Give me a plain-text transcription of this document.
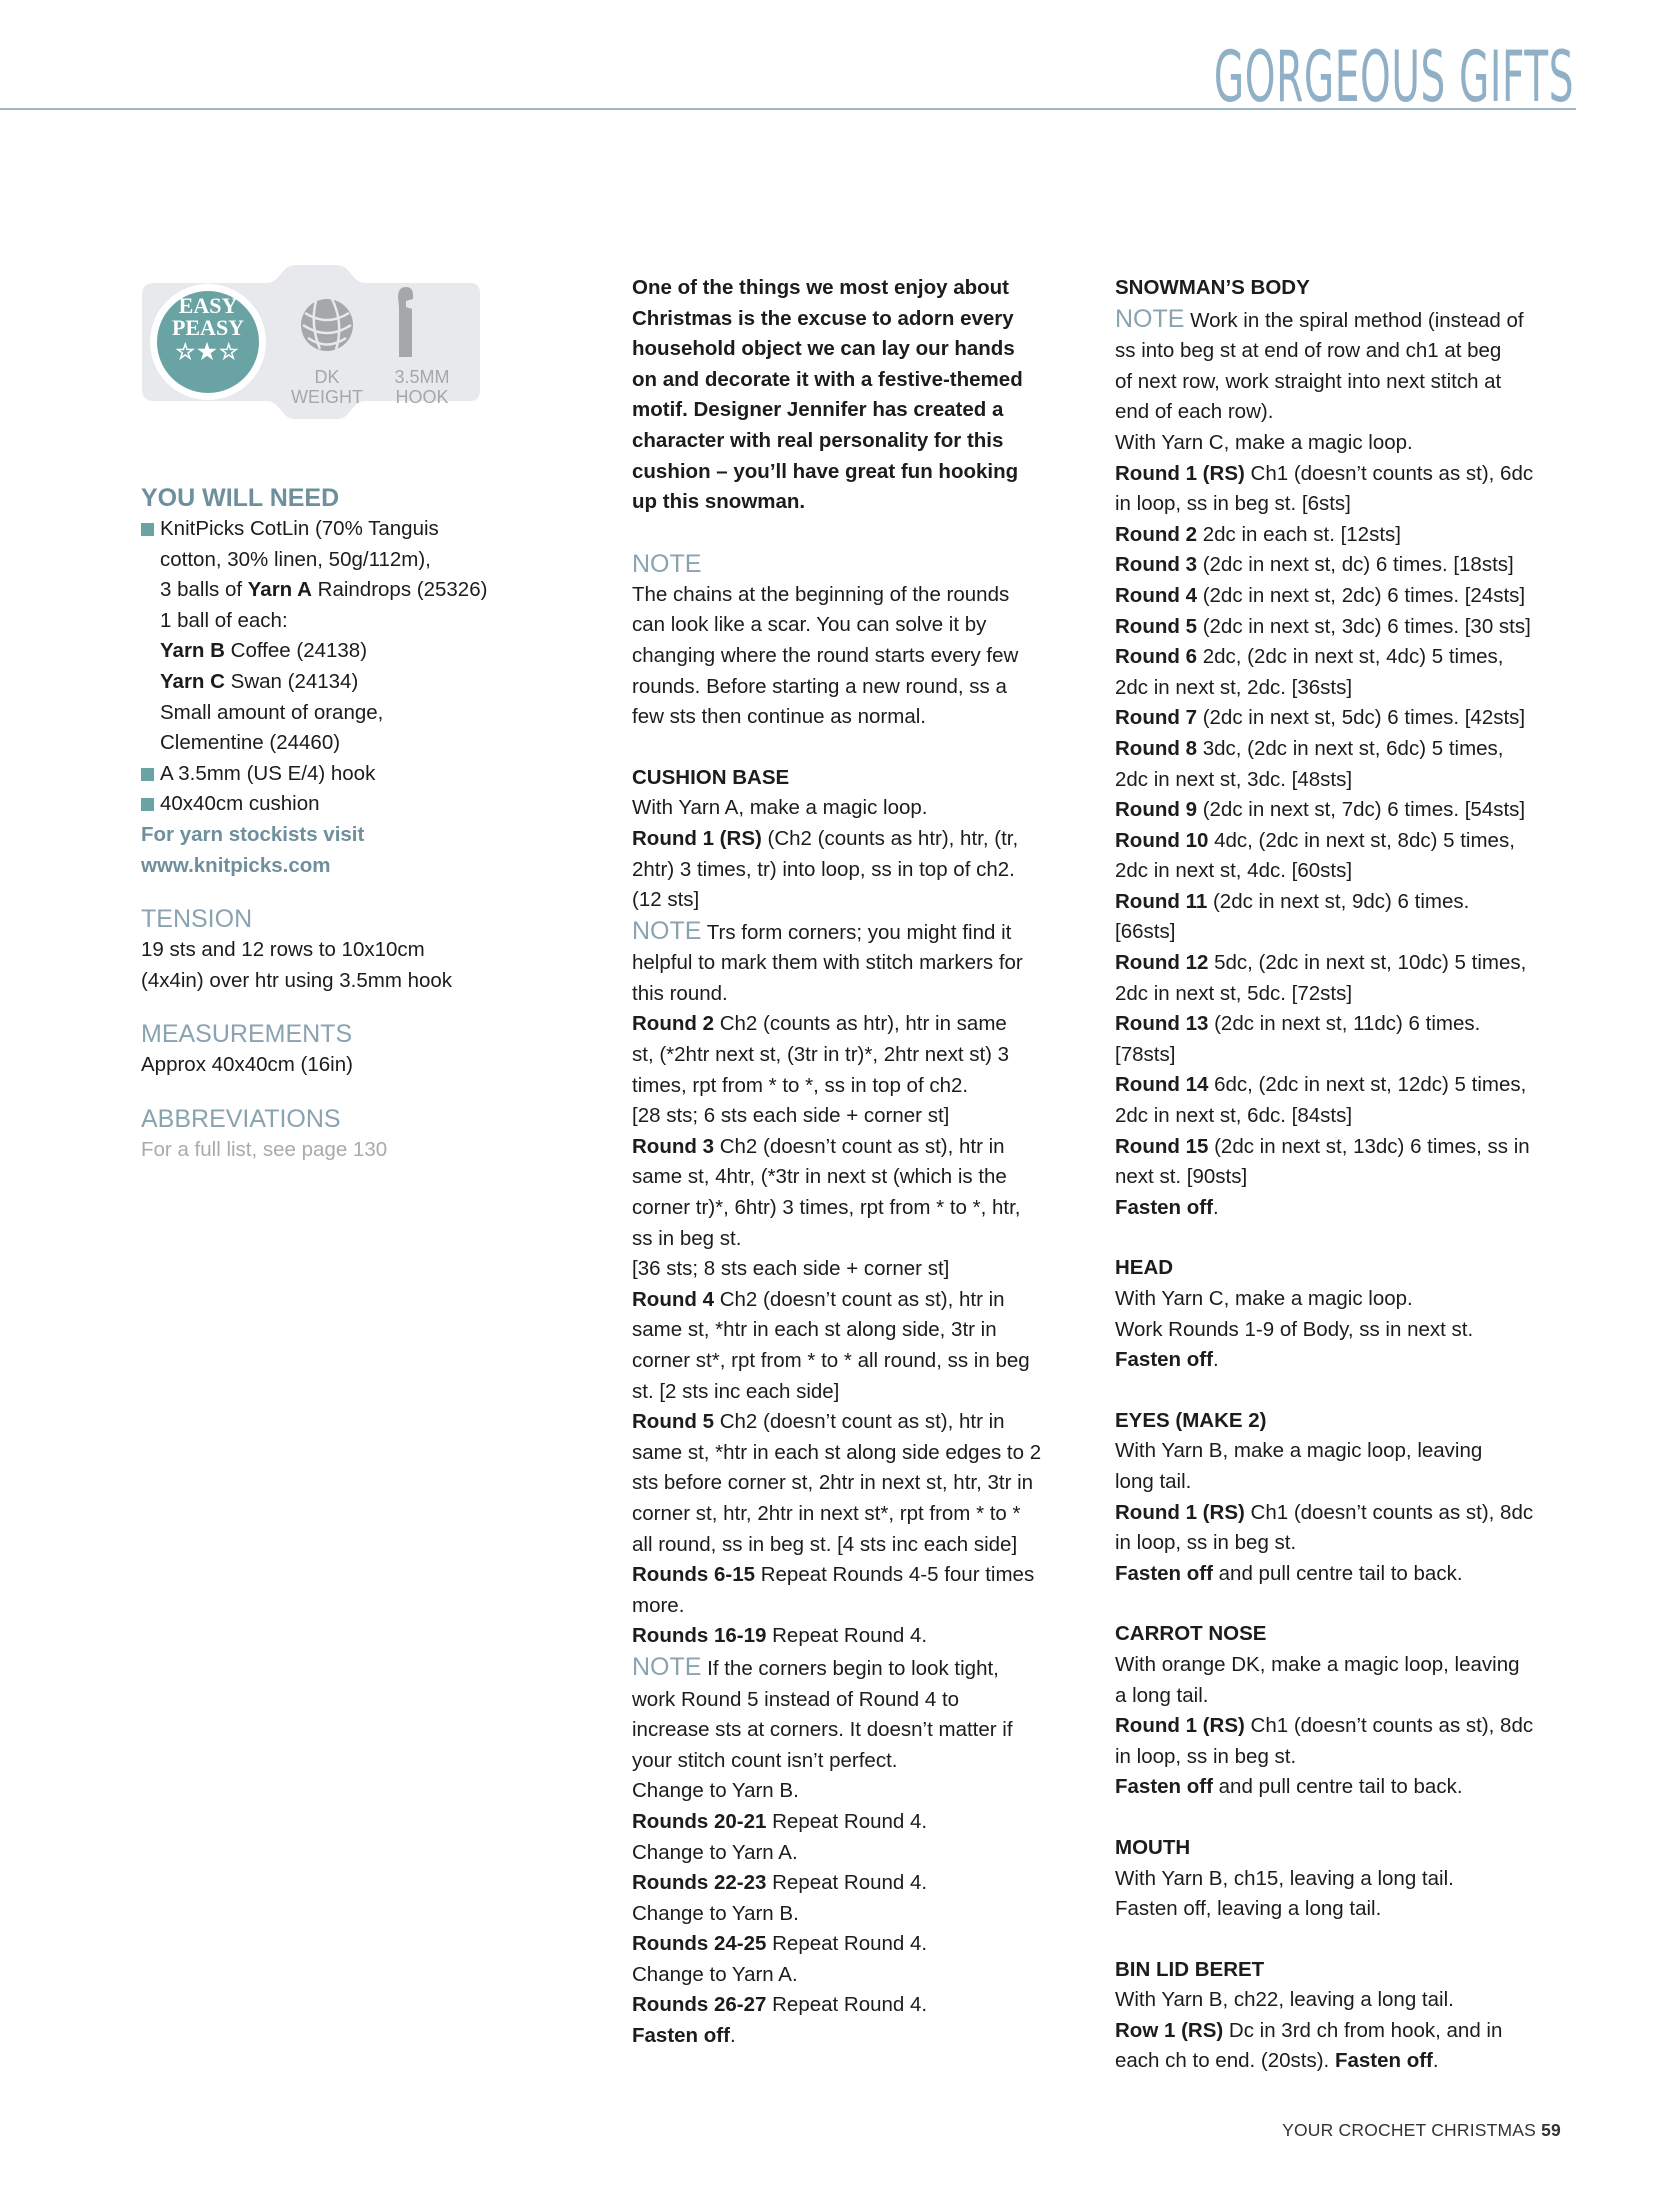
GORGEOUS GIFTS
EASY
PEASY
☆★☆
DK
WEIGHT
3.5MM
HOOK
YOU WILL NEED

KnitPicks CotLin (70% Tanguis

cotton, 30% linen, 50g/112m),

3 balls of Yarn A Raindrops (25326)

1 ball of each:

Yarn B Coffee (24138)

Yarn C Swan (24134)

Small amount of orange,

Clementine (24460)

A 3.5mm (US E/4) hook

40x40cm cushion

For yarn stockists visit

www.knitpicks.com

TENSION

19 sts and 12 rows to 10x10cm

(4x4in) over htr using 3.5mm hook

MEASUREMENTS

Approx 40x40cm (16in)

ABBREVIATIONS

For a full list, see page 130

One of the things we most enjoy about

Christmas is the excuse to adorn every

household object we can lay our hands

on and decorate it with a festive-themed

motif. Designer Jennifer has created a

character with real personality for this

cushion – you’ll have great fun hooking

up this snowman.

NOTE

The chains at the beginning of the rounds

can look like a scar. You can solve it by

changing where the round starts every few

rounds. Before starting a new round, ss a

few sts then continue as normal.

CUSHION BASE

With Yarn A, make a magic loop.

Round 1 (RS) (Ch2 (counts as htr), htr, (tr,

2htr) 3 times, tr) into loop, ss in top of ch2.

(12 sts]

NOTE Trs form corners; you might find it

helpful to mark them with stitch markers for

this round.

Round 2 Ch2 (counts as htr), htr in same

st, (*2htr next st, (3tr in tr)*, 2htr next st) 3

times, rpt from * to *, ss in top of ch2.

[28 sts; 6 sts each side + corner st]

Round 3 Ch2 (doesn’t count as st), htr in

same st, 4htr, (*3tr in next st (which is the

corner tr)*, 6htr) 3 times, rpt from * to *, htr,

ss in beg st.

[36 sts; 8 sts each side + corner st]

Round 4 Ch2 (doesn’t count as st), htr in

same st, *htr in each st along side, 3tr in

corner st*, rpt from * to * all round, ss in beg

st. [2 sts inc each side]

Round 5 Ch2 (doesn’t count as st), htr in

same st, *htr in each st along side edges to 2

sts before corner st, 2htr in next st, htr, 3tr in

corner st, htr, 2htr in next st*, rpt from * to *

all round, ss in beg st. [4 sts inc each side]

Rounds 6-15 Repeat Rounds 4-5 four times

more.

Rounds 16-19 Repeat Round 4.

NOTE If the corners begin to look tight,

work Round 5 instead of Round 4 to

increase sts at corners. It doesn’t matter if

your stitch count isn’t perfect.

Change to Yarn B.

Rounds 20-21 Repeat Round 4.

Change to Yarn A.

Rounds 22-23 Repeat Round 4.

Change to Yarn B.

Rounds 24-25 Repeat Round 4.

Change to Yarn A.

Rounds 26-27 Repeat Round 4.

Fasten off.

SNOWMAN’S BODY

NOTE Work in the spiral method (instead of

ss into beg st at end of row and ch1 at beg

of next row, work straight into next stitch at

end of each row).

With Yarn C, make a magic loop.

Round 1 (RS) Ch1 (doesn’t counts as st), 6dc

in loop, ss in beg st. [6sts]

Round 2 2dc in each st. [12sts]

Round 3 (2dc in next st, dc) 6 times. [18sts]

Round 4 (2dc in next st, 2dc) 6 times. [24sts]

Round 5 (2dc in next st, 3dc) 6 times. [30 sts]

Round 6 2dc, (2dc in next st, 4dc) 5 times,

2dc in next st, 2dc. [36sts]

Round 7 (2dc in next st, 5dc) 6 times. [42sts]

Round 8 3dc, (2dc in next st, 6dc) 5 times,

2dc in next st, 3dc. [48sts]

Round 9 (2dc in next st, 7dc) 6 times. [54sts]

Round 10 4dc, (2dc in next st, 8dc) 5 times,

2dc in next st, 4dc. [60sts]

Round 11 (2dc in next st, 9dc) 6 times.

[66sts]

Round 12 5dc, (2dc in next st, 10dc) 5 times,

2dc in next st, 5dc. [72sts]

Round 13 (2dc in next st, 11dc) 6 times.

[78sts]

Round 14 6dc, (2dc in next st, 12dc) 5 times,

2dc in next st, 6dc. [84sts]

Round 15 (2dc in next st, 13dc) 6 times, ss in

next st. [90sts]

Fasten off.

HEAD

With Yarn C, make a magic loop.

Work Rounds 1-9 of Body, ss in next st.

Fasten off.

EYES (MAKE 2)

With Yarn B, make a magic loop, leaving

long tail.

Round 1 (RS) Ch1 (doesn’t counts as st), 8dc

in loop, ss in beg st.

Fasten off and pull centre tail to back.

CARROT NOSE

With orange DK, make a magic loop, leaving

a long tail.

Round 1 (RS) Ch1 (doesn’t counts as st), 8dc

in loop, ss in beg st.

Fasten off and pull centre tail to back.

MOUTH

With Yarn B, ch15, leaving a long tail.

Fasten off, leaving a long tail.

BIN LID BERET

With Yarn B, ch22, leaving a long tail.

Row 1 (RS) Dc in 3rd ch from hook, and in

each ch to end. (20sts). Fasten off.

YOUR CROCHET CHRISTMAS 59
